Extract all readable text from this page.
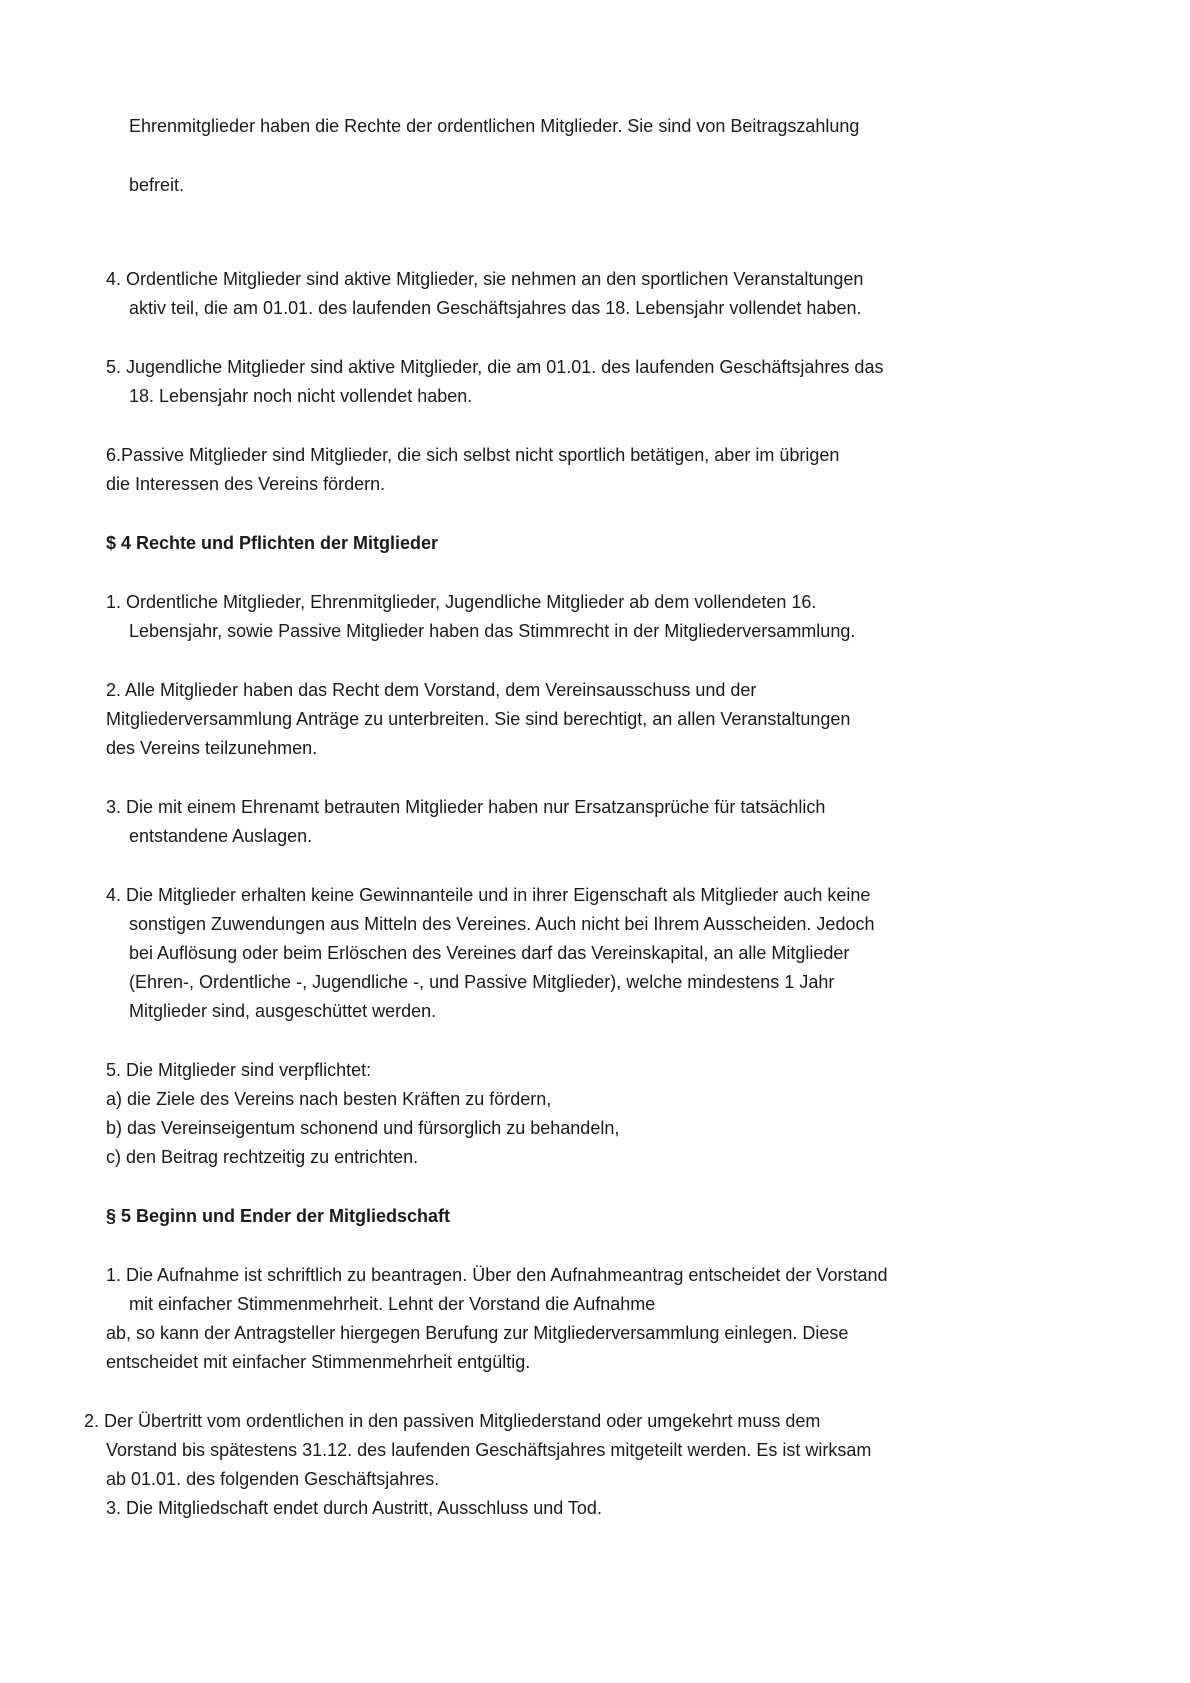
Ehrenmitglieder haben die Rechte der ordentlichen Mitglieder. Sie sind von Beitragszahlung

befreit.

4. Ordentliche Mitglieder sind aktive Mitglieder, sie nehmen an den sportlichen Veranstaltungen

aktiv teil, die am 01.01. des laufenden Geschäftsjahres das 18. Lebensjahr vollendet haben.

5. Jugendliche Mitglieder sind aktive Mitglieder, die am 01.01. des laufenden Geschäftsjahres das

18. Lebensjahr noch nicht vollendet haben.

6.Passive Mitglieder sind Mitglieder, die sich selbst nicht sportlich betätigen, aber im übrigen

die Interessen des Vereins fördern.

$ 4 Rechte und Pflichten der Mitglieder

1. Ordentliche Mitglieder, Ehrenmitglieder, Jugendliche Mitglieder ab dem vollendeten 16.

Lebensjahr, sowie Passive Mitglieder haben das Stimmrecht in der Mitgliederversammlung.

2. Alle Mitglieder haben das Recht dem Vorstand, dem Vereinsausschuss und der

Mitgliederversammlung Anträge zu unterbreiten. Sie sind berechtigt, an allen Veranstaltungen

des Vereins teilzunehmen.

3. Die mit einem Ehrenamt betrauten Mitglieder haben nur Ersatzansprüche für tatsächlich

entstandene Auslagen.

4. Die Mitglieder erhalten keine Gewinnanteile und in ihrer Eigenschaft als Mitglieder auch keine

sonstigen Zuwendungen aus Mitteln des Vereines. Auch nicht bei Ihrem Ausscheiden. Jedoch

bei Auflösung oder beim Erlöschen des Vereines darf das Vereinskapital, an alle Mitglieder

(Ehren-, Ordentliche -, Jugendliche -, und Passive Mitglieder), welche mindestens 1 Jahr

Mitglieder sind, ausgeschüttet werden.

5. Die Mitglieder sind verpflichtet:

a) die Ziele des Vereins nach besten Kräften zu fördern,

b) das Vereinseigentum schonend und fürsorglich zu behandeln,

c) den Beitrag rechtzeitig zu entrichten.

§ 5 Beginn und Ender der Mitgliedschaft

1. Die Aufnahme ist schriftlich zu beantragen. Über den Aufnahmeantrag entscheidet der Vorstand

mit einfacher Stimmenmehrheit. Lehnt der Vorstand die Aufnahme

ab, so kann der Antragsteller hiergegen Berufung zur Mitgliederversammlung einlegen. Diese

entscheidet mit einfacher Stimmenmehrheit entgültig.

2. Der Übertritt vom ordentlichen in den passiven Mitgliederstand oder umgekehrt muss dem

Vorstand bis spätestens 31.12. des laufenden Geschäftsjahres mitgeteilt werden. Es ist wirksam

ab 01.01. des folgenden Geschäftsjahres.

3. Die Mitgliedschaft endet durch Austritt, Ausschluss und Tod.
